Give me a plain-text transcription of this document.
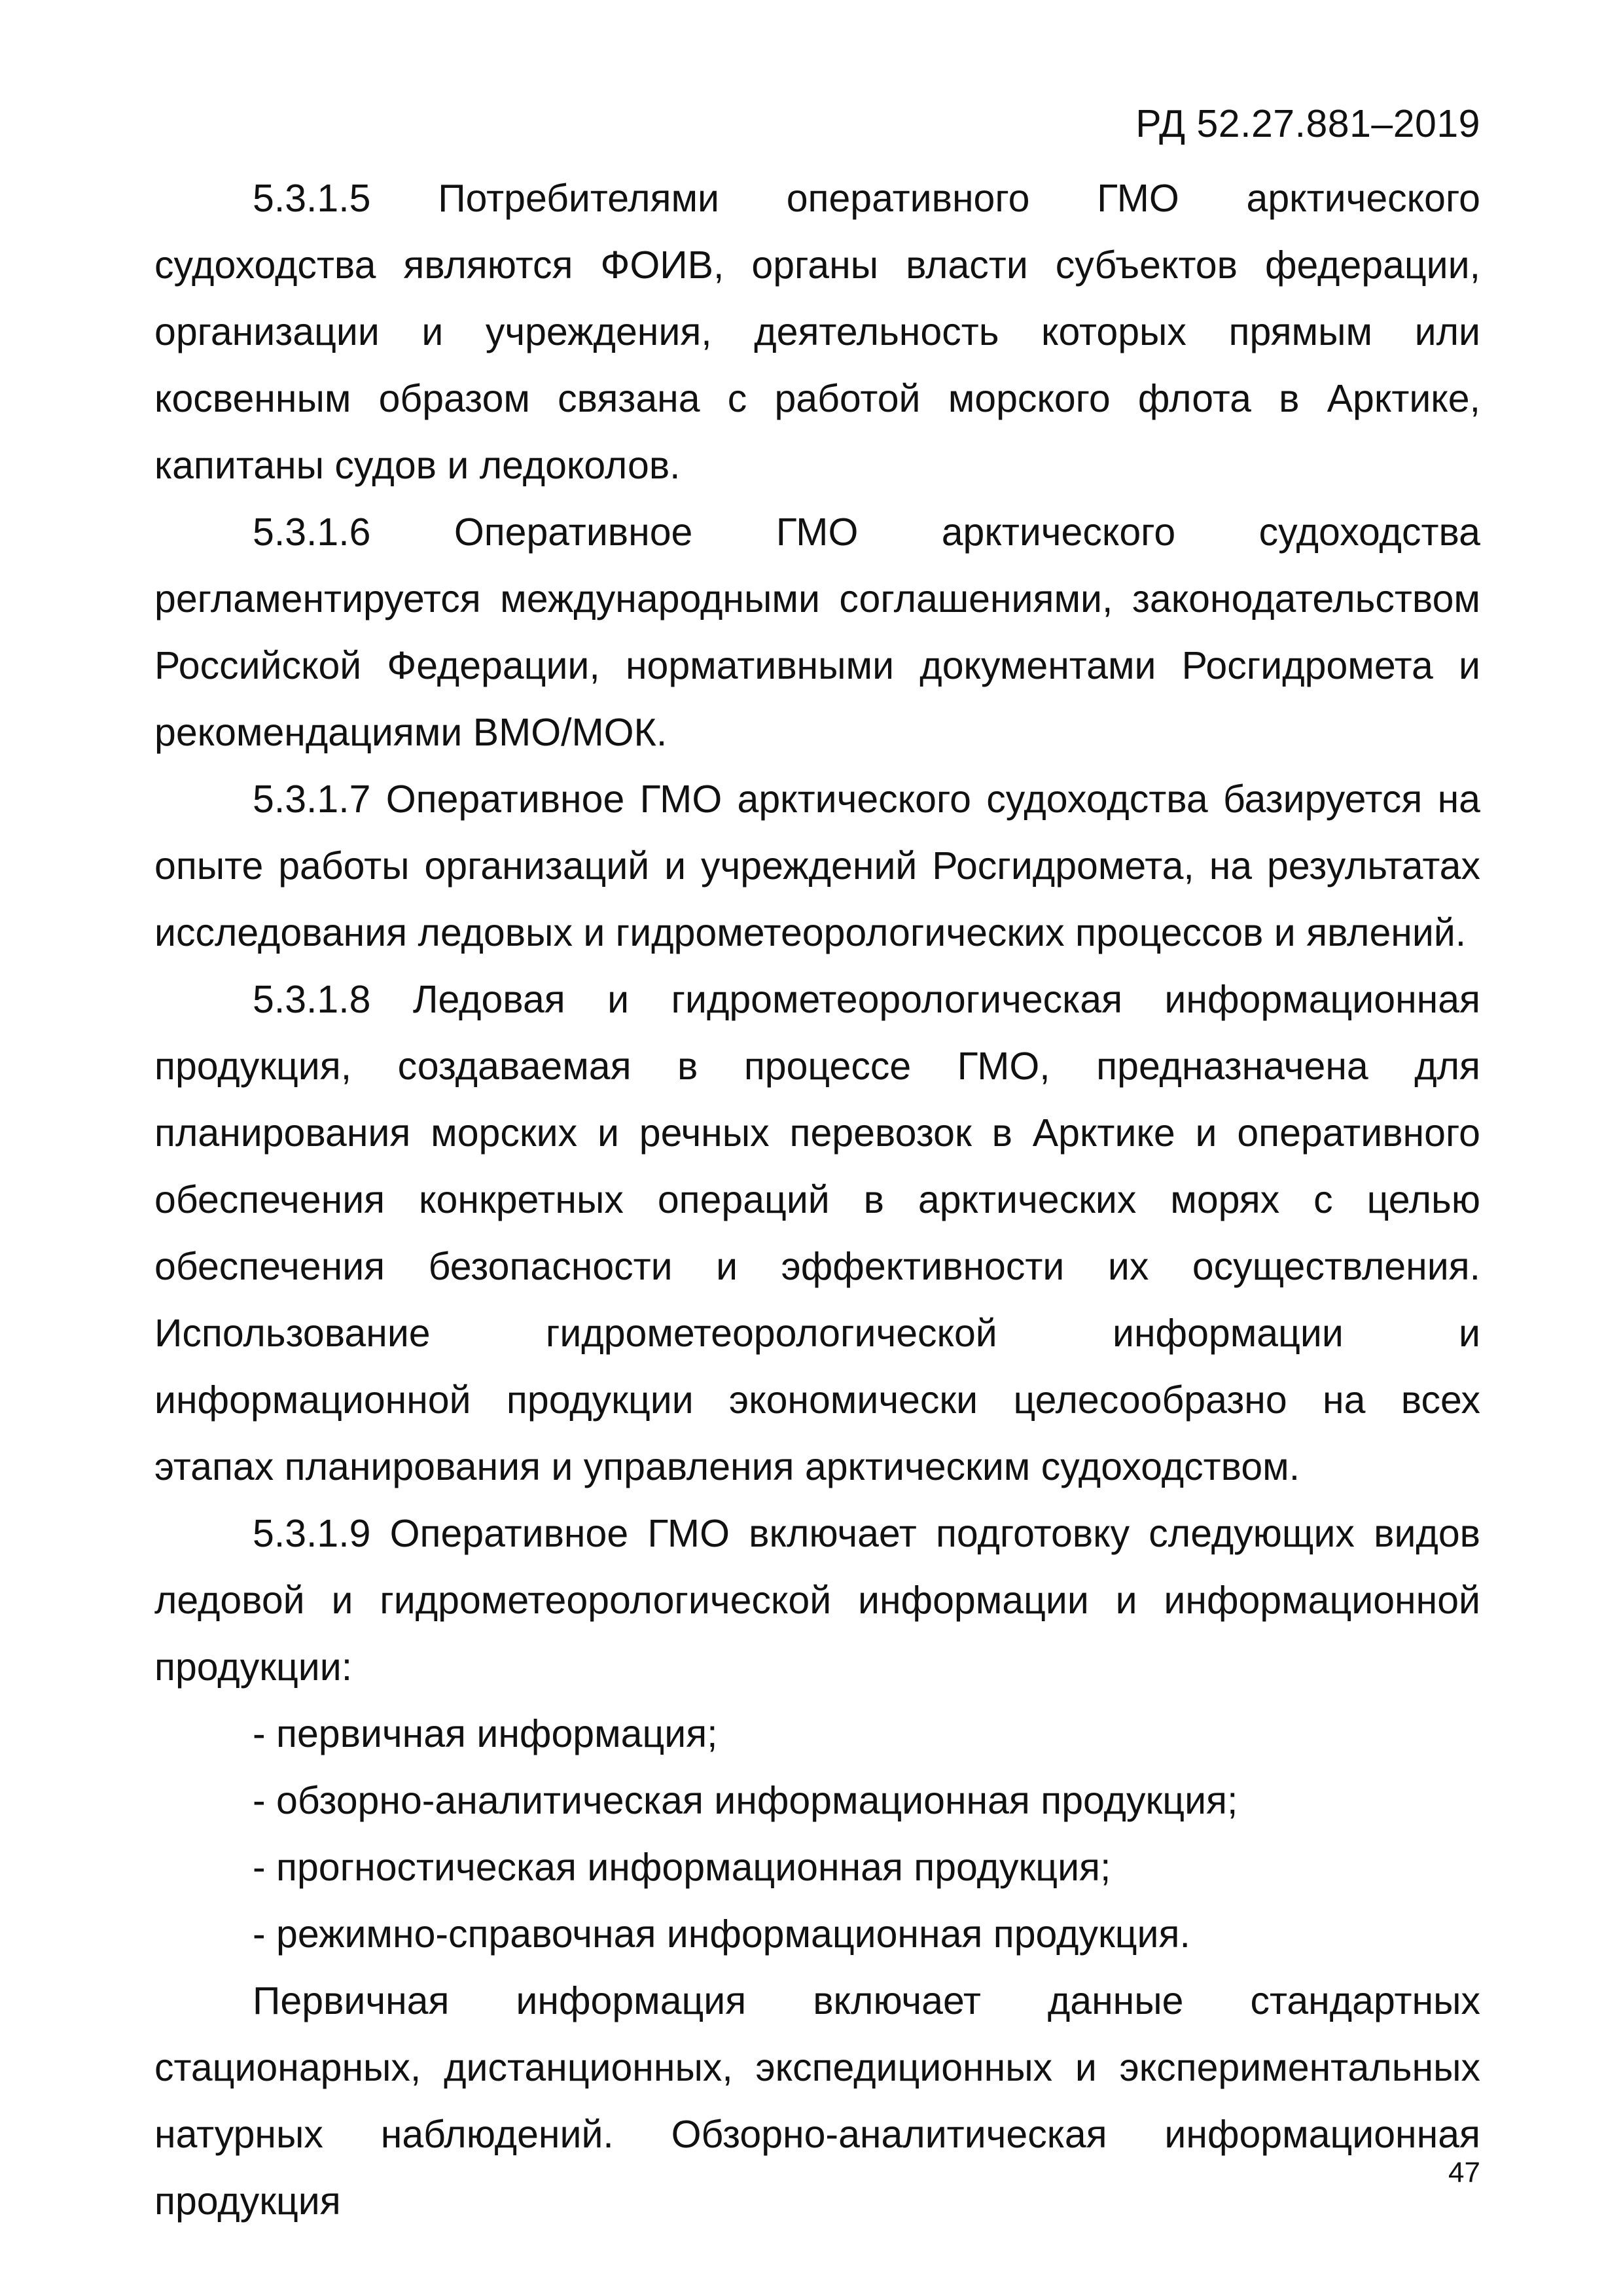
РД 52.27.881–2019

5.3.1.5 Потребителями оперативного ГМО арктического судоходства являются ФОИВ, органы власти субъектов федерации, организации и учреждения, деятельность которых прямым или косвенным образом связана с работой морского флота в Арктике, капитаны судов и ледоколов.

5.3.1.6 Оперативное ГМО арктического судоходства регламентируется международными соглашениями, законодательством Российской Федерации, нормативными документами Росгидромета и рекомендациями ВМО/МОК.

5.3.1.7 Оперативное ГМО арктического судоходства базируется на опыте работы организаций и учреждений Росгидромета, на результатах исследования ледовых и гидрометеорологических процессов и явлений.

5.3.1.8 Ледовая и гидрометеорологическая информационная продукция, создаваемая в процессе ГМО, предназначена для планирования морских и речных перевозок в Арктике и оперативного обеспечения конкретных операций в арктических морях с целью обеспечения безопасности и эффективности их осуществления. Использование гидрометеорологической информации и информационной продукции экономически целесообразно на всех этапах планирования и управления арктическим судоходством.

5.3.1.9 Оперативное ГМО включает подготовку следующих видов ледовой и гидрометеорологической информации и информационной продукции:

- первичная информация;

- обзорно-аналитическая информационная продукция;

- прогностическая информационная продукция;

- режимно-справочная информационная продукция.

Первичная информация включает данные стандартных стационарных, дистанционных, экспедиционных и экспериментальных натурных наблюдений. Обзорно-аналитическая информационная продукция

47
